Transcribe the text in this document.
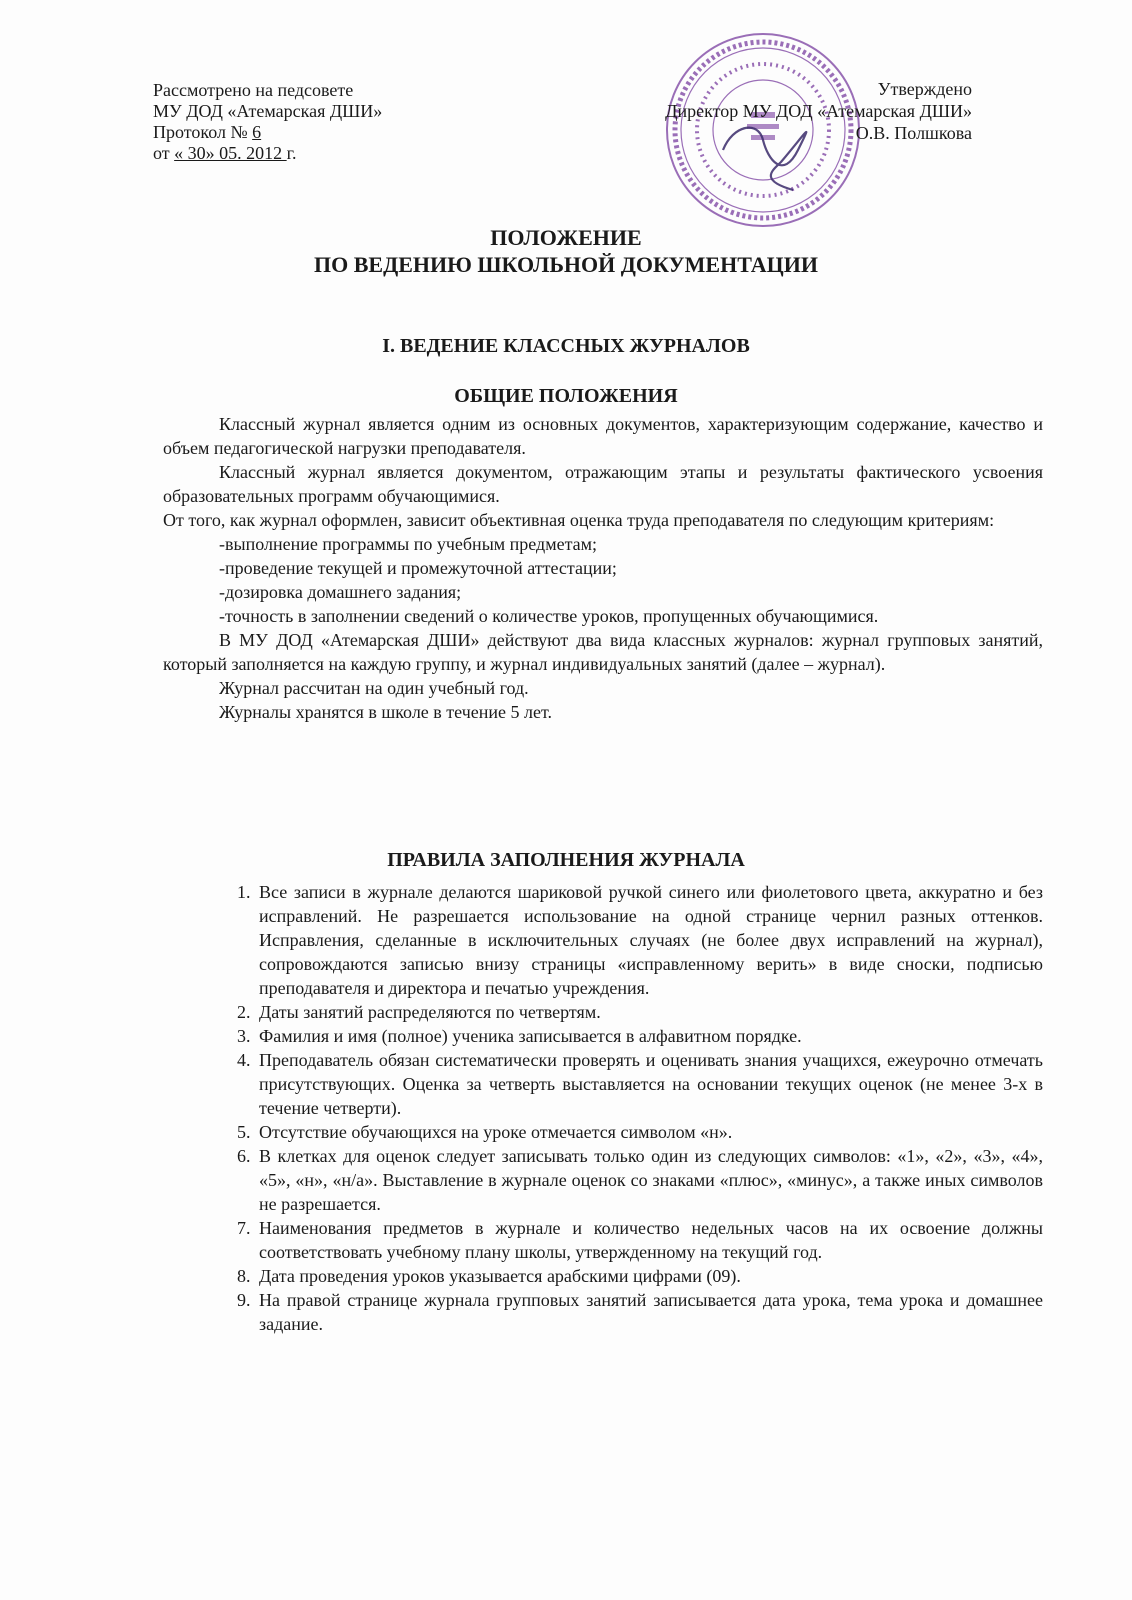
Рассмотрено на педсовете
МУ ДОД «Атемарская ДШИ»
Протокол № 6
от « 30» 05. 2012 г.
Утверждено
Директор МУ ДОД «Атемарская ДШИ»
О.В. Полшкова
ПОЛОЖЕНИЕ
ПО ВЕДЕНИЮ ШКОЛЬНОЙ ДОКУМЕНТАЦИИ
I. ВЕДЕНИЕ КЛАССНЫХ ЖУРНАЛОВ
ОБЩИЕ ПОЛОЖЕНИЯ

Классный журнал является одним из основных документов, характеризующим содержание, качество и объем педагогической нагрузки преподавателя.

Классный журнал является документом, отражающим этапы и результаты фактического усвоения образовательных программ обучающимися.

От того, как журнал оформлен, зависит объективная оценка труда преподавателя по следующим критериям:

-выполнение программы по учебным предметам;

-проведение текущей и промежуточной аттестации;

-дозировка домашнего задания;

-точность в заполнении сведений о количестве уроков, пропущенных обучающимися.

В МУ ДОД «Атемарская ДШИ» действуют два вида классных журналов: журнал групповых занятий, который заполняется на каждую группу, и журнал индивидуальных занятий (далее – журнал).

Журнал рассчитан на один учебный год.

Журналы хранятся в школе в течение 5 лет.

ПРАВИЛА ЗАПОЛНЕНИЯ ЖУРНАЛА
1. Все записи в журнале делаются шариковой ручкой синего или фиолетового цвета, аккуратно и без исправлений. Не разрешается использование на одной странице чернил разных оттенков. Исправления, сделанные в исключительных случаях (не более двух исправлений на журнал), сопровождаются записью внизу страницы «исправленному верить» в виде сноски, подписью преподавателя и директора и печатью учреждения.
2. Даты занятий распределяются по четвертям.
3. Фамилия и имя (полное) ученика записывается в алфавитном порядке.
4. Преподаватель обязан систематически проверять и оценивать знания учащихся, ежеурочно отмечать присутствующих. Оценка за четверть выставляется на основании текущих оценок (не менее 3-х в течение четверти).
5. Отсутствие обучающихся на уроке отмечается символом «н».
6. В клетках для оценок следует записывать только один из следующих символов: «1», «2», «3», «4», «5», «н», «н/а». Выставление в журнале оценок со знаками «плюс», «минус», а также иных символов не разрешается.
7. Наименования предметов в журнале и количество недельных часов на их освоение должны соответствовать учебному плану школы, утвержденному на текущий год.
8. Дата проведения уроков указывается арабскими цифрами (09).
9. На правой странице журнала групповых занятий записывается дата урока, тема урока и домашнее задание.
